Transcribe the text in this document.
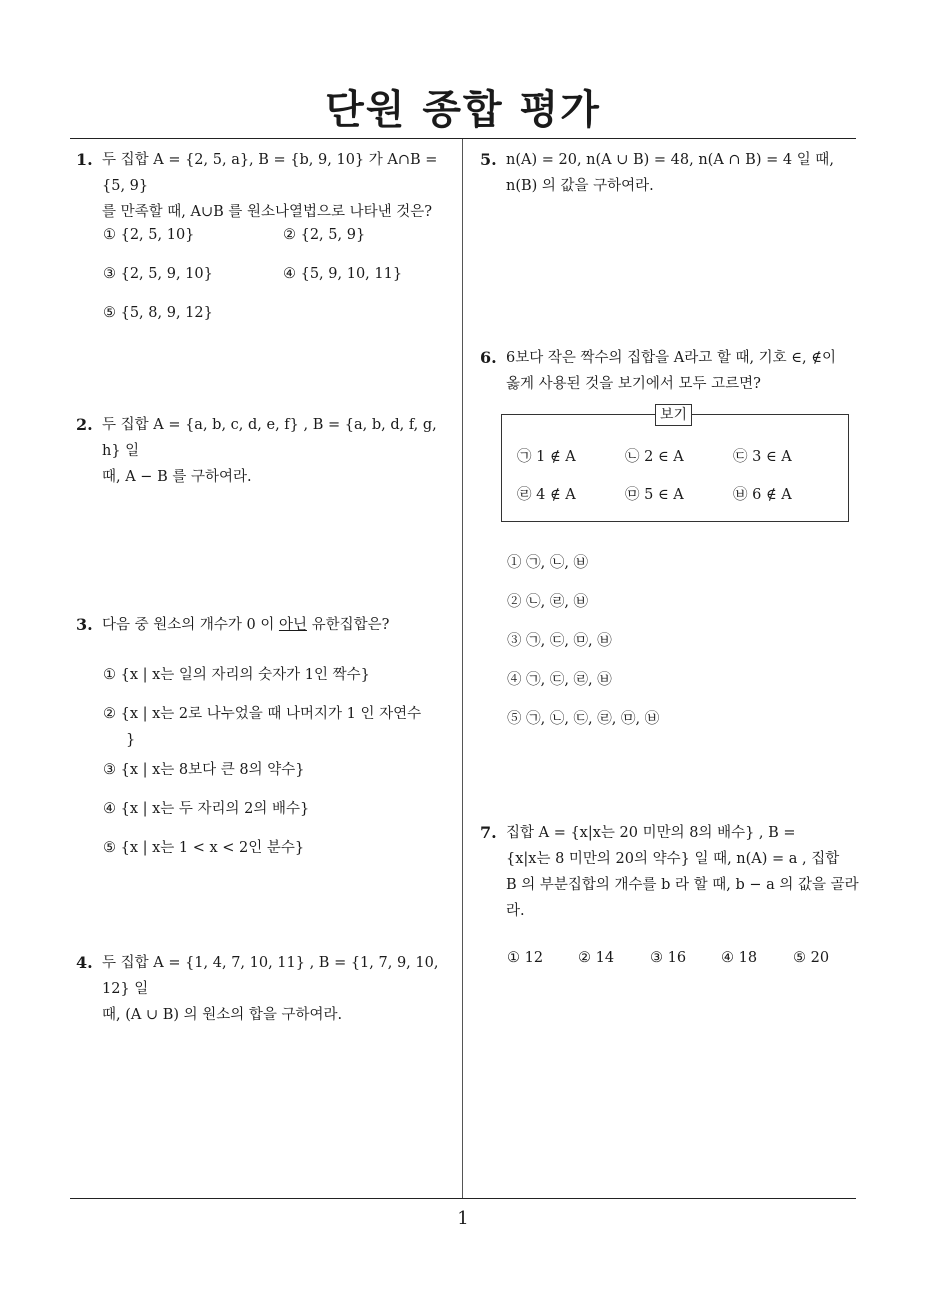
단원 종합 평가
1
1. 두 집합 A = {2, 5, a}, B = {b, 9, 10} 가 A∩B = {5, 9}
를 만족할 때, A∪B 를 원소나열법으로 나타낸 것은?
① {2, 5, 10}	② {2, 5, 9}
③ {2, 5, 9, 10}	④ {5, 9, 10, 11}
⑤ {5, 8, 9, 12}
2. 두 집합 A = {a, b, c, d, e, f} , B = {a, b, d, f, g, h} 일
때, A − B 를 구하여라.
3. 다음 중 원소의 개수가 0 이 아닌 유한집합은?
① {x | x는 일의 자리의 숫자가 1인 짝수}
② {x | x는 2로 나누었을 때 나머지가 1 인 자연수
}
③ {x | x는 8보다 큰 8의 약수}
④ {x | x는 두 자리의 2의 배수}
⑤ {x | x는 1 < x < 2인 분수}
4. 두 집합 A = {1, 4, 7, 10, 11} , B = {1, 7, 9, 10, 12} 일
때, (A ∪ B) 의 원소의 합을 구하여라.
5. n(A) = 20, n(A ∪ B) = 48, n(A ∩ B) = 4 일 때,
n(B) 의 값을 구하여라.
6. 6보다 작은 짝수의 집합을 A라고 할 때, 기호 ∈, ∉이
옳게 사용된 것을 보기에서 모두 고르면?
보기
㉠ 1 ∉ A	㉡ 2 ∈ A	㉢ 3 ∈ A
㉣ 4 ∉ A	㉤ 5 ∈ A	㉥ 6 ∉ A
① ㉠, ㉡, ㉥
② ㉡, ㉣, ㉥
③ ㉠, ㉢, ㉤, ㉥
④ ㉠, ㉢, ㉣, ㉥
⑤ ㉠, ㉡, ㉢, ㉣, ㉤, ㉥
7. 집합 A = {x|x는 20 미만의 8의 배수} , B =
{x|x는 8 미만의 20의 약수} 일 때, n(A) = a , 집합
B 의 부분집합의 개수를 b 라 할 때, b − a 의 값을 골라
라.
① 12 ② 14 ③ 16 ④ 18 ⑤ 20
